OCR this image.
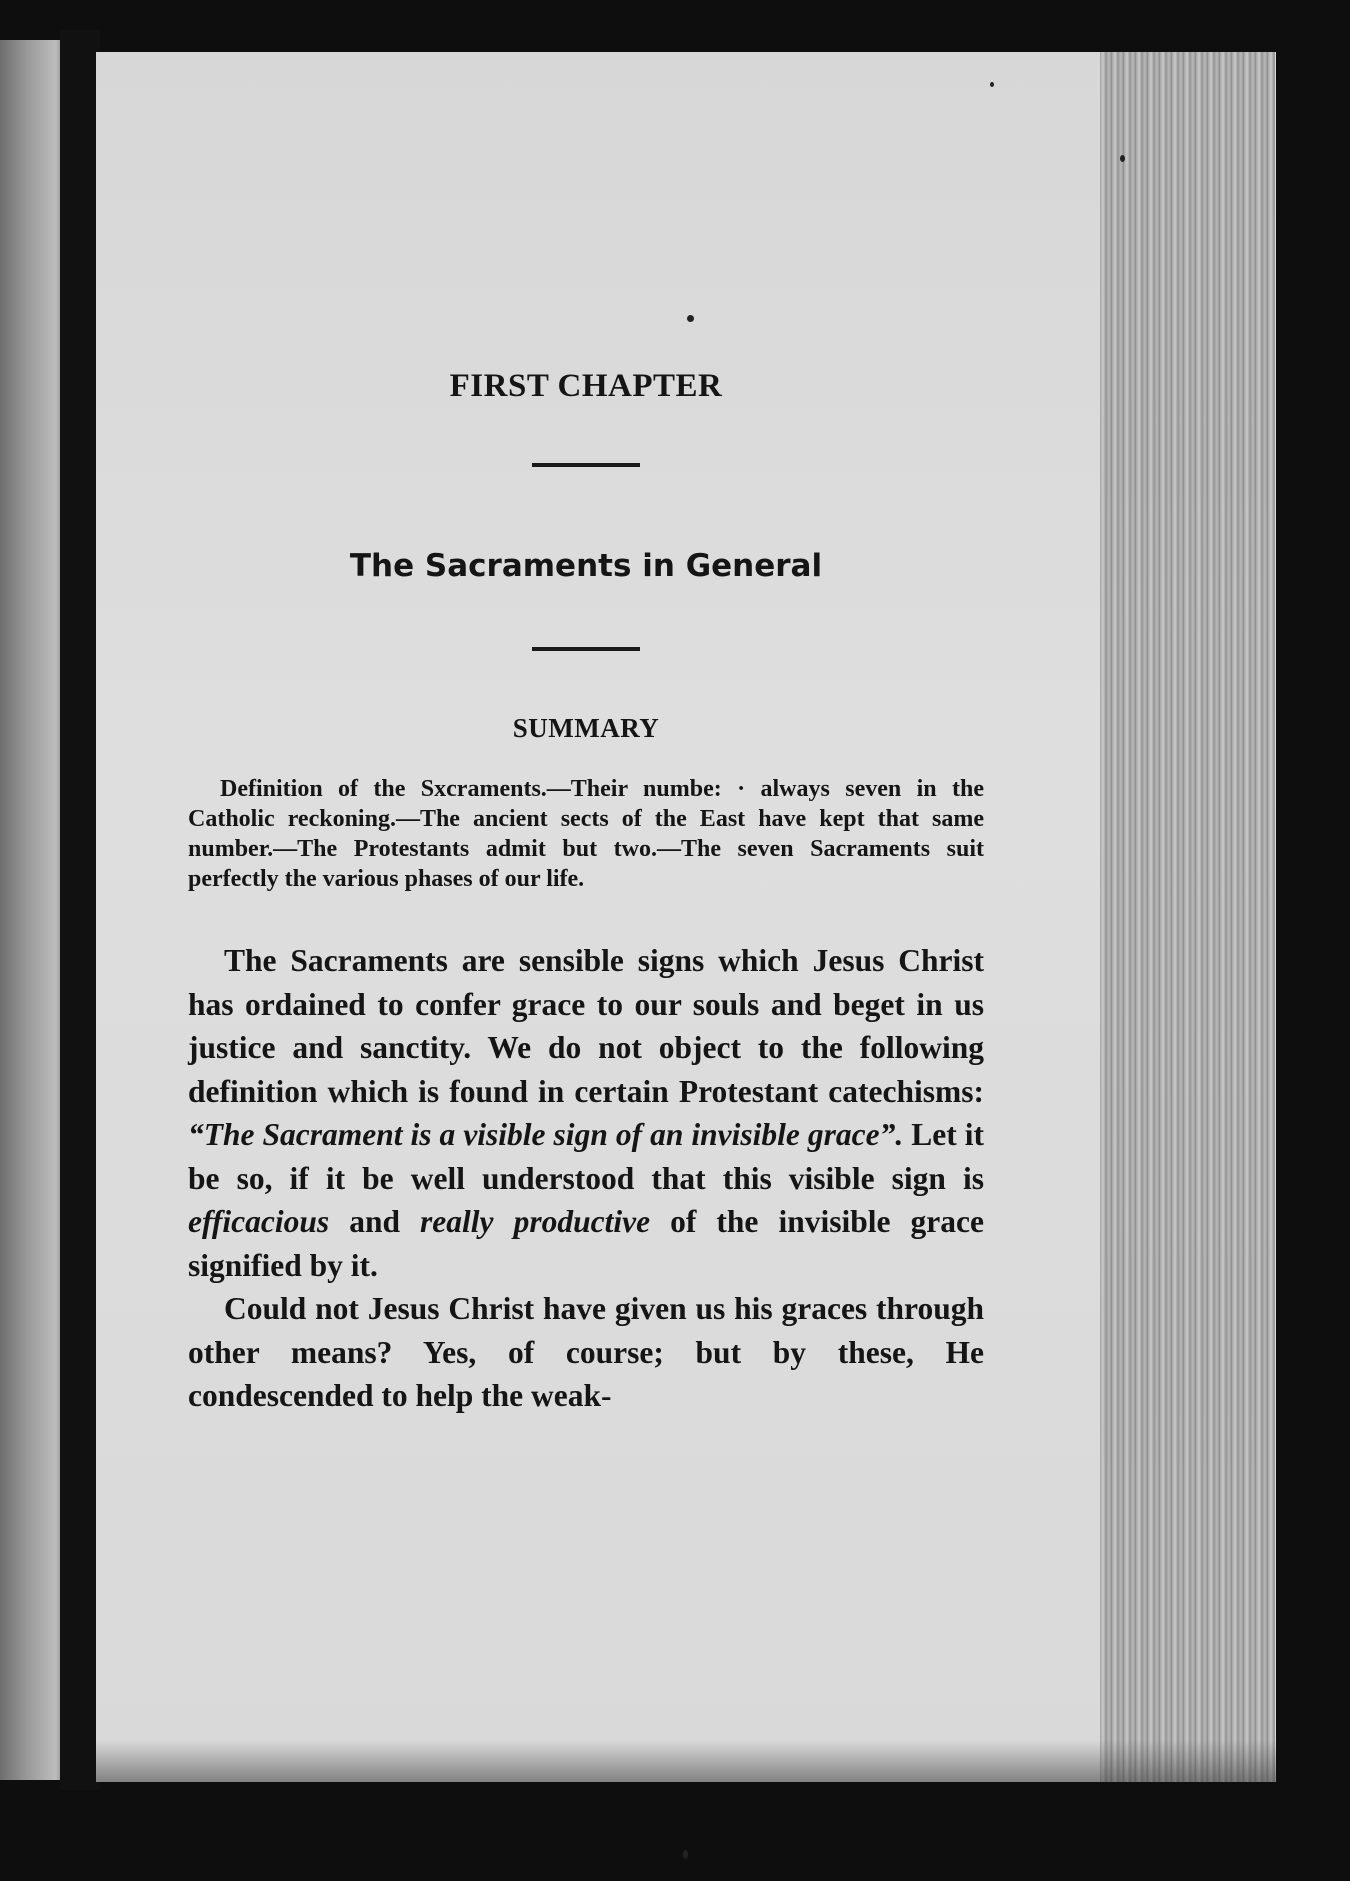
FIRST CHAPTER
The Sacraments in General
SUMMARY

Definition of the Sxcraments.—Their numbe: · always seven in the Catholic reckoning.—The ancient sects of the East have kept that same number.—The Protestants admit but two.—The seven Sacraments suit perfectly the various phases of our life.

The Sacraments are sensible signs which Jesus Christ has ordained to confer grace to our souls and beget in us justice and sanctity. We do not object to the following definition which is found in certain Protestant catechisms: “The Sacrament is a visible sign of an invisible grace”. Let it be so, if it be well understood that this visible sign is efficacious and really productive of the invisible grace signified by it.

Could not Jesus Christ have given us his graces through other means? Yes, of course; but by these, He condescended to help the weak-
